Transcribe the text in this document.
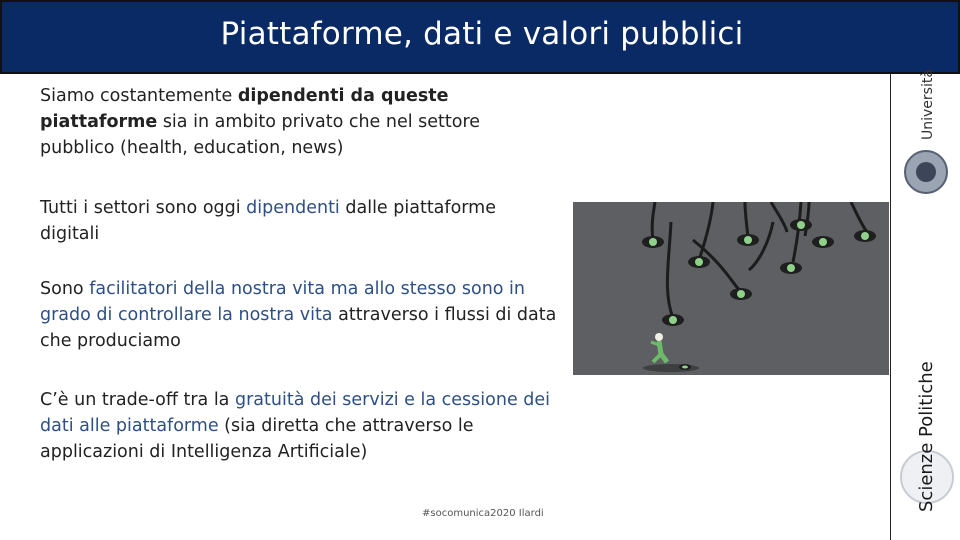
Piattaforme, dati e valori pubblici
Siamo costantemente dipendenti da queste piattaforme sia in ambito privato che nel settore pubblico (health, education, news)
Tutti i settori sono oggi dipendenti dalle piattaforme digitali
Sono facilitatori della nostra vita ma allo stesso sono in grado di controllare la nostra vita attraverso i flussi di data che produciamo
C’è un trade-off tra la gratuità dei servizi e la cessione dei dati alle piattaforme (sia diretta che attraverso le applicazioni di Intelligenza Artificiale)
#socomunica2020 Ilardi
Scienze Politiche
